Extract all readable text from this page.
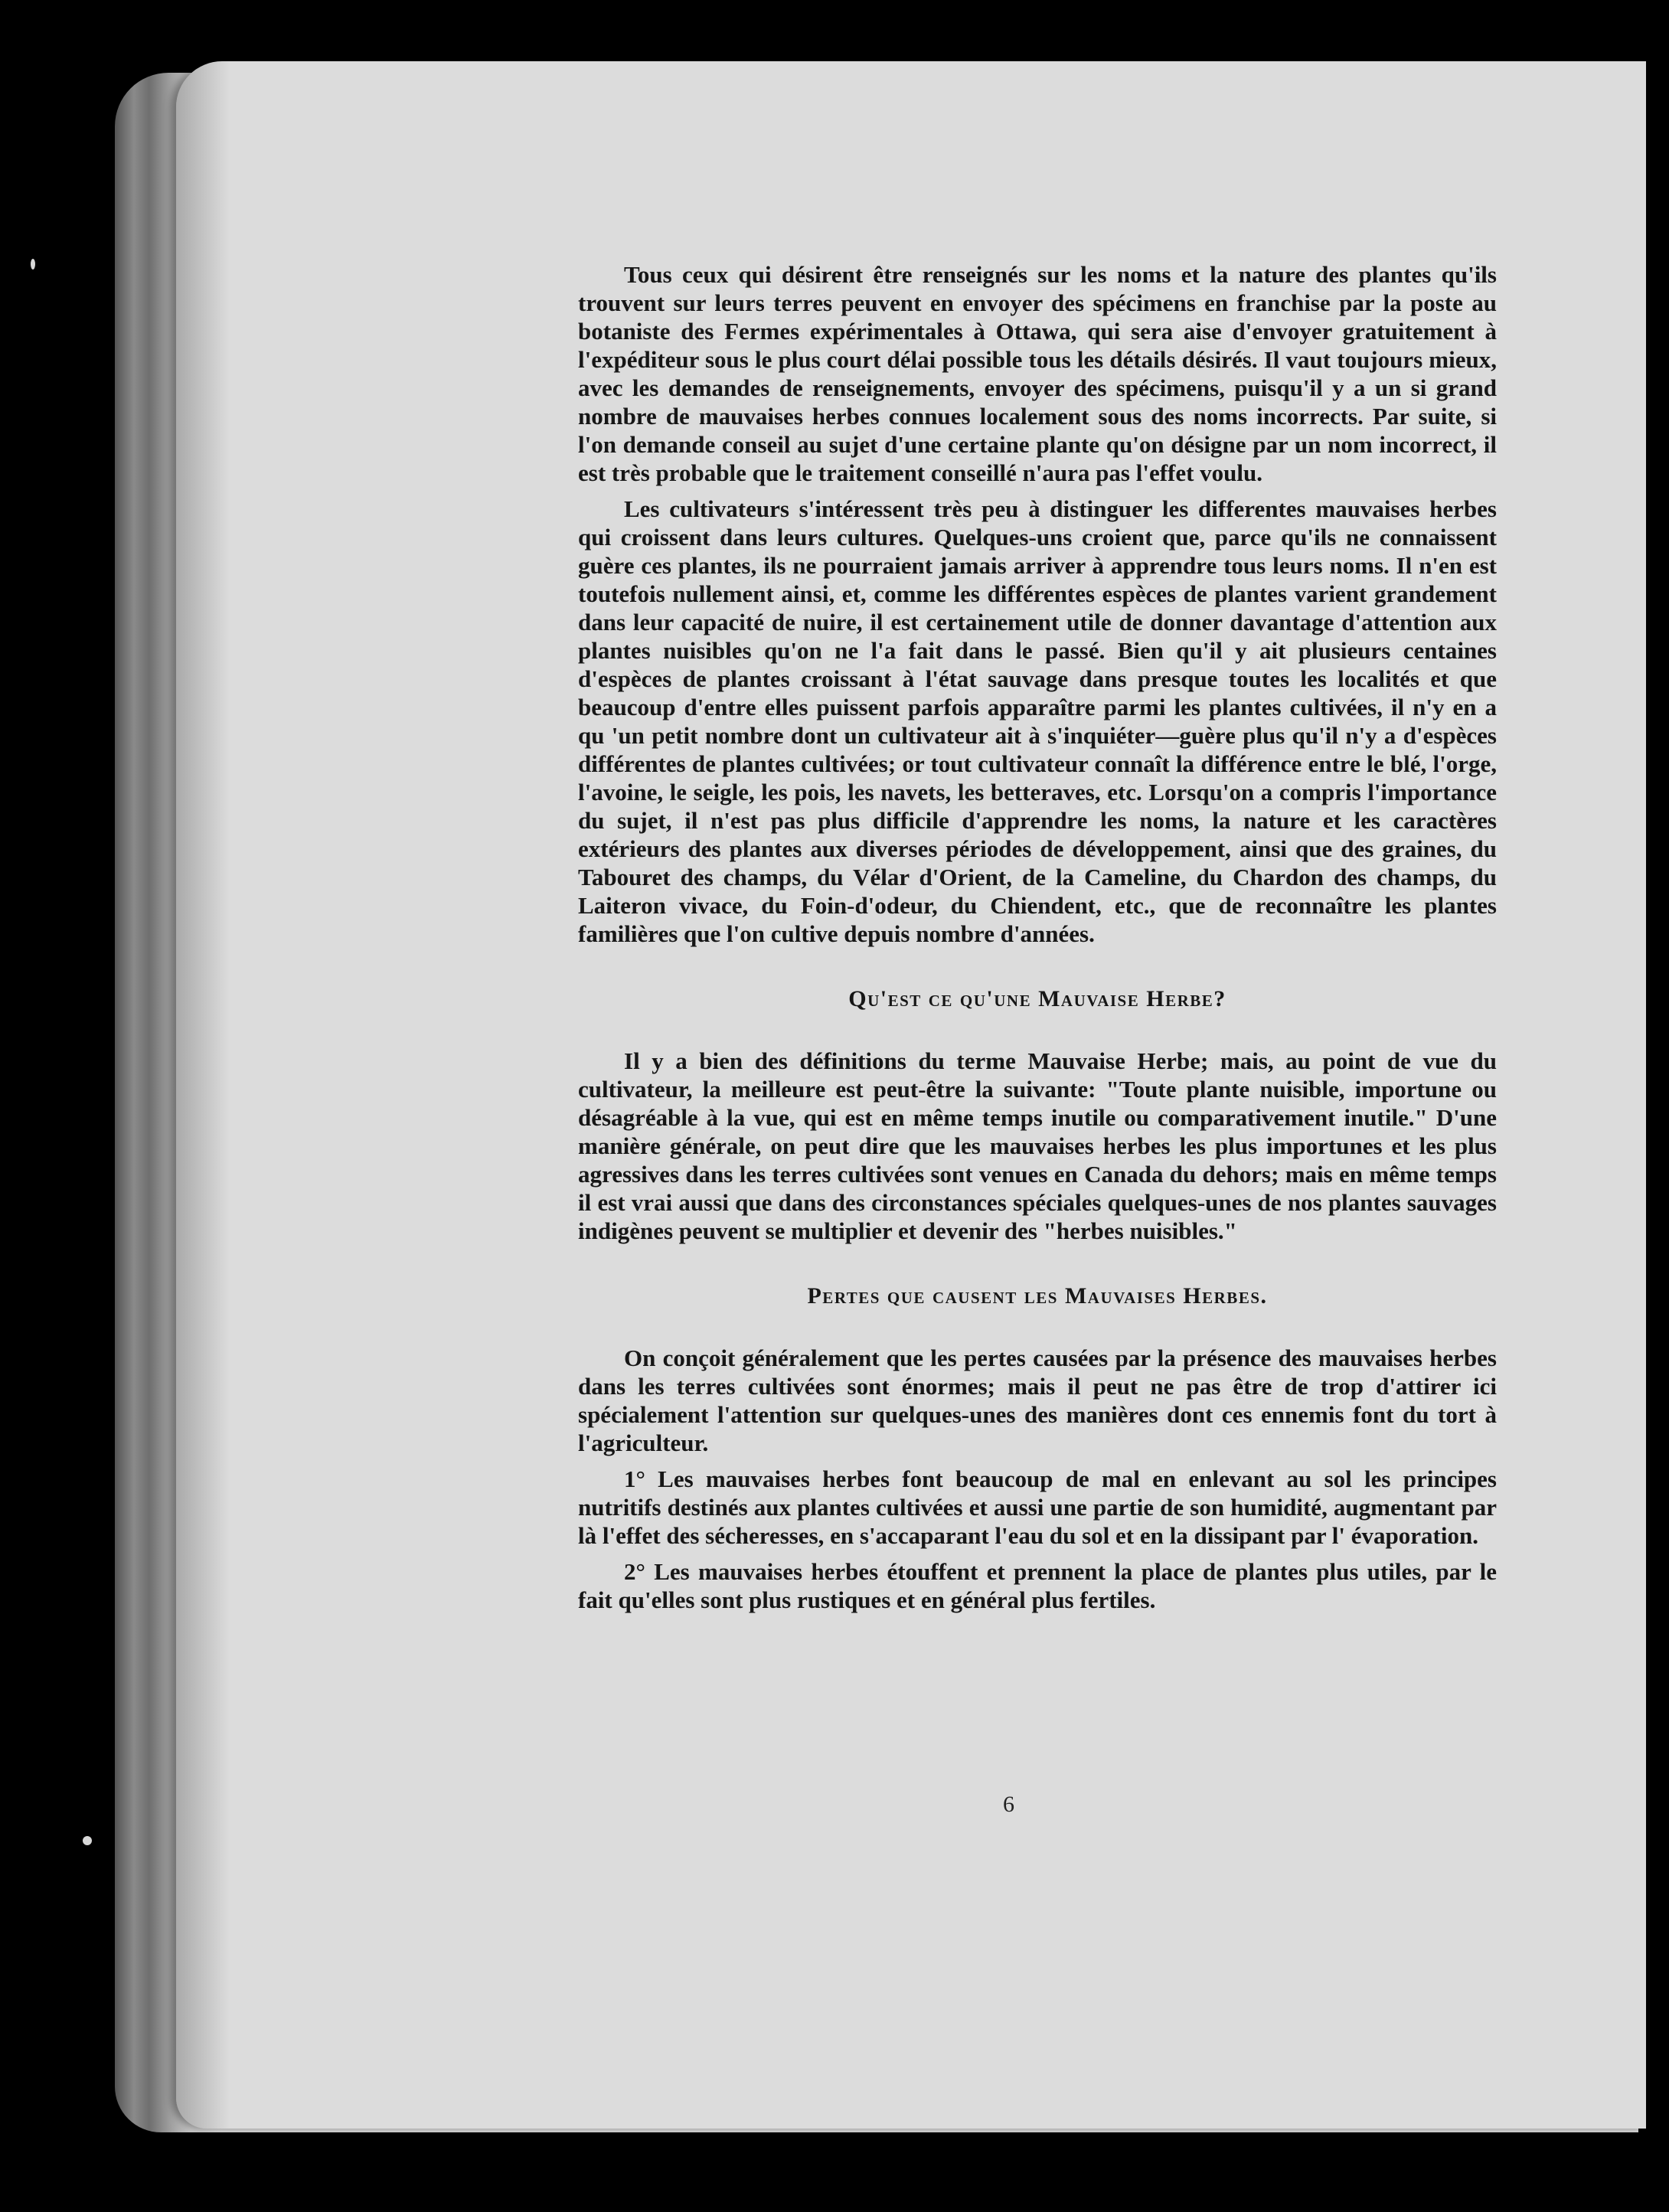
Tous ceux qui désirent être renseignés sur les noms et la nature des plantes qu'ils trouvent sur leurs terres peuvent en envoyer des spécimens en franchise par la poste au botaniste des Fermes expérimentales à Ottawa, qui sera aise d'envoyer gratuitement à l'expéditeur sous le plus court délai possible tous les détails désirés. Il vaut toujours mieux, avec les demandes de renseignements, envoyer des spécimens, puisqu'il y a un si grand nombre de mauvaises herbes connues localement sous des noms incorrects. Par suite, si l'on demande conseil au sujet d'une certaine plante qu'on désigne par un nom incorrect, il est très probable que le traitement conseillé n'aura pas l'effet voulu.

Les cultivateurs s'intéressent très peu à distinguer les differentes mauvaises herbes qui croissent dans leurs cultures. Quelques-uns croient que, parce qu'ils ne connaissent guère ces plantes, ils ne pourraient jamais arriver à apprendre tous leurs noms. Il n'en est toutefois nullement ainsi, et, comme les différentes espèces de plantes varient grandement dans leur capacité de nuire, il est certainement utile de donner davantage d'attention aux plantes nuisibles qu'on ne l'a fait dans le passé. Bien qu'il y ait plusieurs centaines d'espèces de plantes croissant à l'état sauvage dans presque toutes les localités et que beaucoup d'entre elles puissent parfois apparaître parmi les plantes cultivées, il n'y en a qu 'un petit nombre dont un cultivateur ait à s'inquiéter—guère plus qu'il n'y a d'espèces différentes de plantes cultivées; or tout cultivateur connaît la différence entre le blé, l'orge, l'avoine, le seigle, les pois, les navets, les betteraves, etc. Lorsqu'on a compris l'importance du sujet, il n'est pas plus difficile d'apprendre les noms, la nature et les caractères extérieurs des plantes aux diverses périodes de développement, ainsi que des graines, du Tabouret des champs, du Vélar d'Orient, de la Cameline, du Chardon des champs, du Laiteron vivace, du Foin-d'odeur, du Chiendent, etc., que de reconnaître les plantes familières que l'on cultive depuis nombre d'années.

Qu'est ce qu'une Mauvaise Herbe?

Il y a bien des définitions du terme Mauvaise Herbe; mais, au point de vue du cultivateur, la meilleure est peut-être la suivante: "Toute plante nuisible, importune ou désagréable à la vue, qui est en même temps inutile ou comparativement inutile." D'une manière générale, on peut dire que les mauvaises herbes les plus importunes et les plus agressives dans les terres cultivées sont venues en Canada du dehors; mais en même temps il est vrai aussi que dans des circonstances spéciales quelques-unes de nos plantes sauvages indigènes peuvent se multiplier et devenir des "herbes nuisibles."

Pertes que causent les Mauvaises Herbes.

On conçoit généralement que les pertes causées par la présence des mauvaises herbes dans les terres cultivées sont énormes; mais il peut ne pas être de trop d'attirer ici spécialement l'attention sur quelques-unes des manières dont ces ennemis font du tort à l'agriculteur.

1° Les mauvaises herbes font beaucoup de mal en enlevant au sol les principes nutritifs destinés aux plantes cultivées et aussi une partie de son humidité, augmentant par là l'effet des sécheresses, en s'accaparant l'eau du sol et en la dissipant par l' évaporation.

2° Les mauvaises herbes étouffent et prennent la place de plantes plus utiles, par le fait qu'elles sont plus rustiques et en général plus fertiles.

6
